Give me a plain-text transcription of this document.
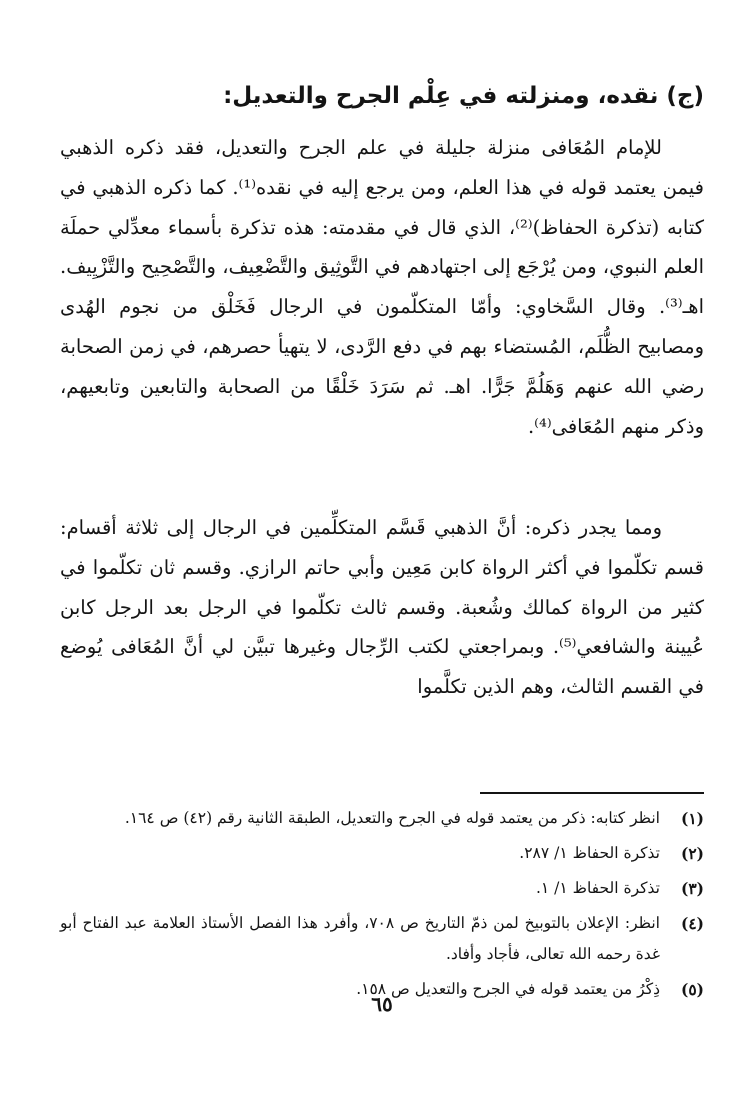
(ج) نقده، ومنزلته في عِلْم الجرح والتعديل:
للإمام المُعَافى منزلة جليلة في علم الجرح والتعديل، فقد ذكره الذهبي فيمن يعتمد قوله في هذا العلم، ومن يرجع إليه في نقده⁽¹⁾. كما ذكره الذهبي في كتابه (تذكرة الحفاظ)⁽²⁾، الذي قال في مقدمته: هذه تذكرة بأسماء معدِّلي حملَة العلم النبوي، ومن يُرْجَع إلى اجتهادهم في التَّوثِيق والتَّضْعِيف، والتَّصْحِيح والتَّزْيِيف. اهـ⁽³⁾. وقال السَّخاوي: وأمّا المتكلّمون في الرجال فَخَلْق من نجوم الهُدى ومصابيح الظُّلَم، المُستضاء بهم في دفع الرَّدى، لا يتهيأ حصرهم، في زمن الصحابة رضي الله عنهم وَهَلُمَّ جَرًّا. اهـ. ثم سَرَدَ خَلْقًا من الصحابة والتابعين وتابعيهم، وذكر منهم المُعَافى⁽⁴⁾.
ومما يجدر ذكره: أنَّ الذهبي قَسَّم المتكلِّمين في الرجال إلى ثلاثة أقسام: قسم تكلّموا في أكثر الرواة كابن مَعِين وأبي حاتم الرازي. وقسم ثان تكلّموا في كثير من الرواة كمالك وشُعبة. وقسم ثالث تكلّموا في الرجل بعد الرجل كابن عُيينة والشافعي⁽⁵⁾. وبمراجعتي لكتب الرِّجال وغيرها تبيَّن لي أنَّ المُعَافى يُوضع في القسم الثالث، وهم الذين تكلَّموا
(١)
انظر كتابه: ذكر من يعتمد قوله في الجرح والتعديل، الطبقة الثانية رقم (٤٢) ص ١٦٤.
(٢)
تذكرة الحفاظ ١/ ٢٨٧.
(٣)
تذكرة الحفاظ ١/ ١.
(٤)
انظر: الإعلان بالتوبيخ لمن ذمّ التاريخ ص ٧٠٨، وأفرد هذا الفصل الأستاذ العلامة عبد الفتاح أبو غدة رحمه الله تعالى، فأجاد وأفاد.
(٥)
ذِكْرُ من يعتمد قوله في الجرح والتعديل ص ١٥٨.
٦٥
